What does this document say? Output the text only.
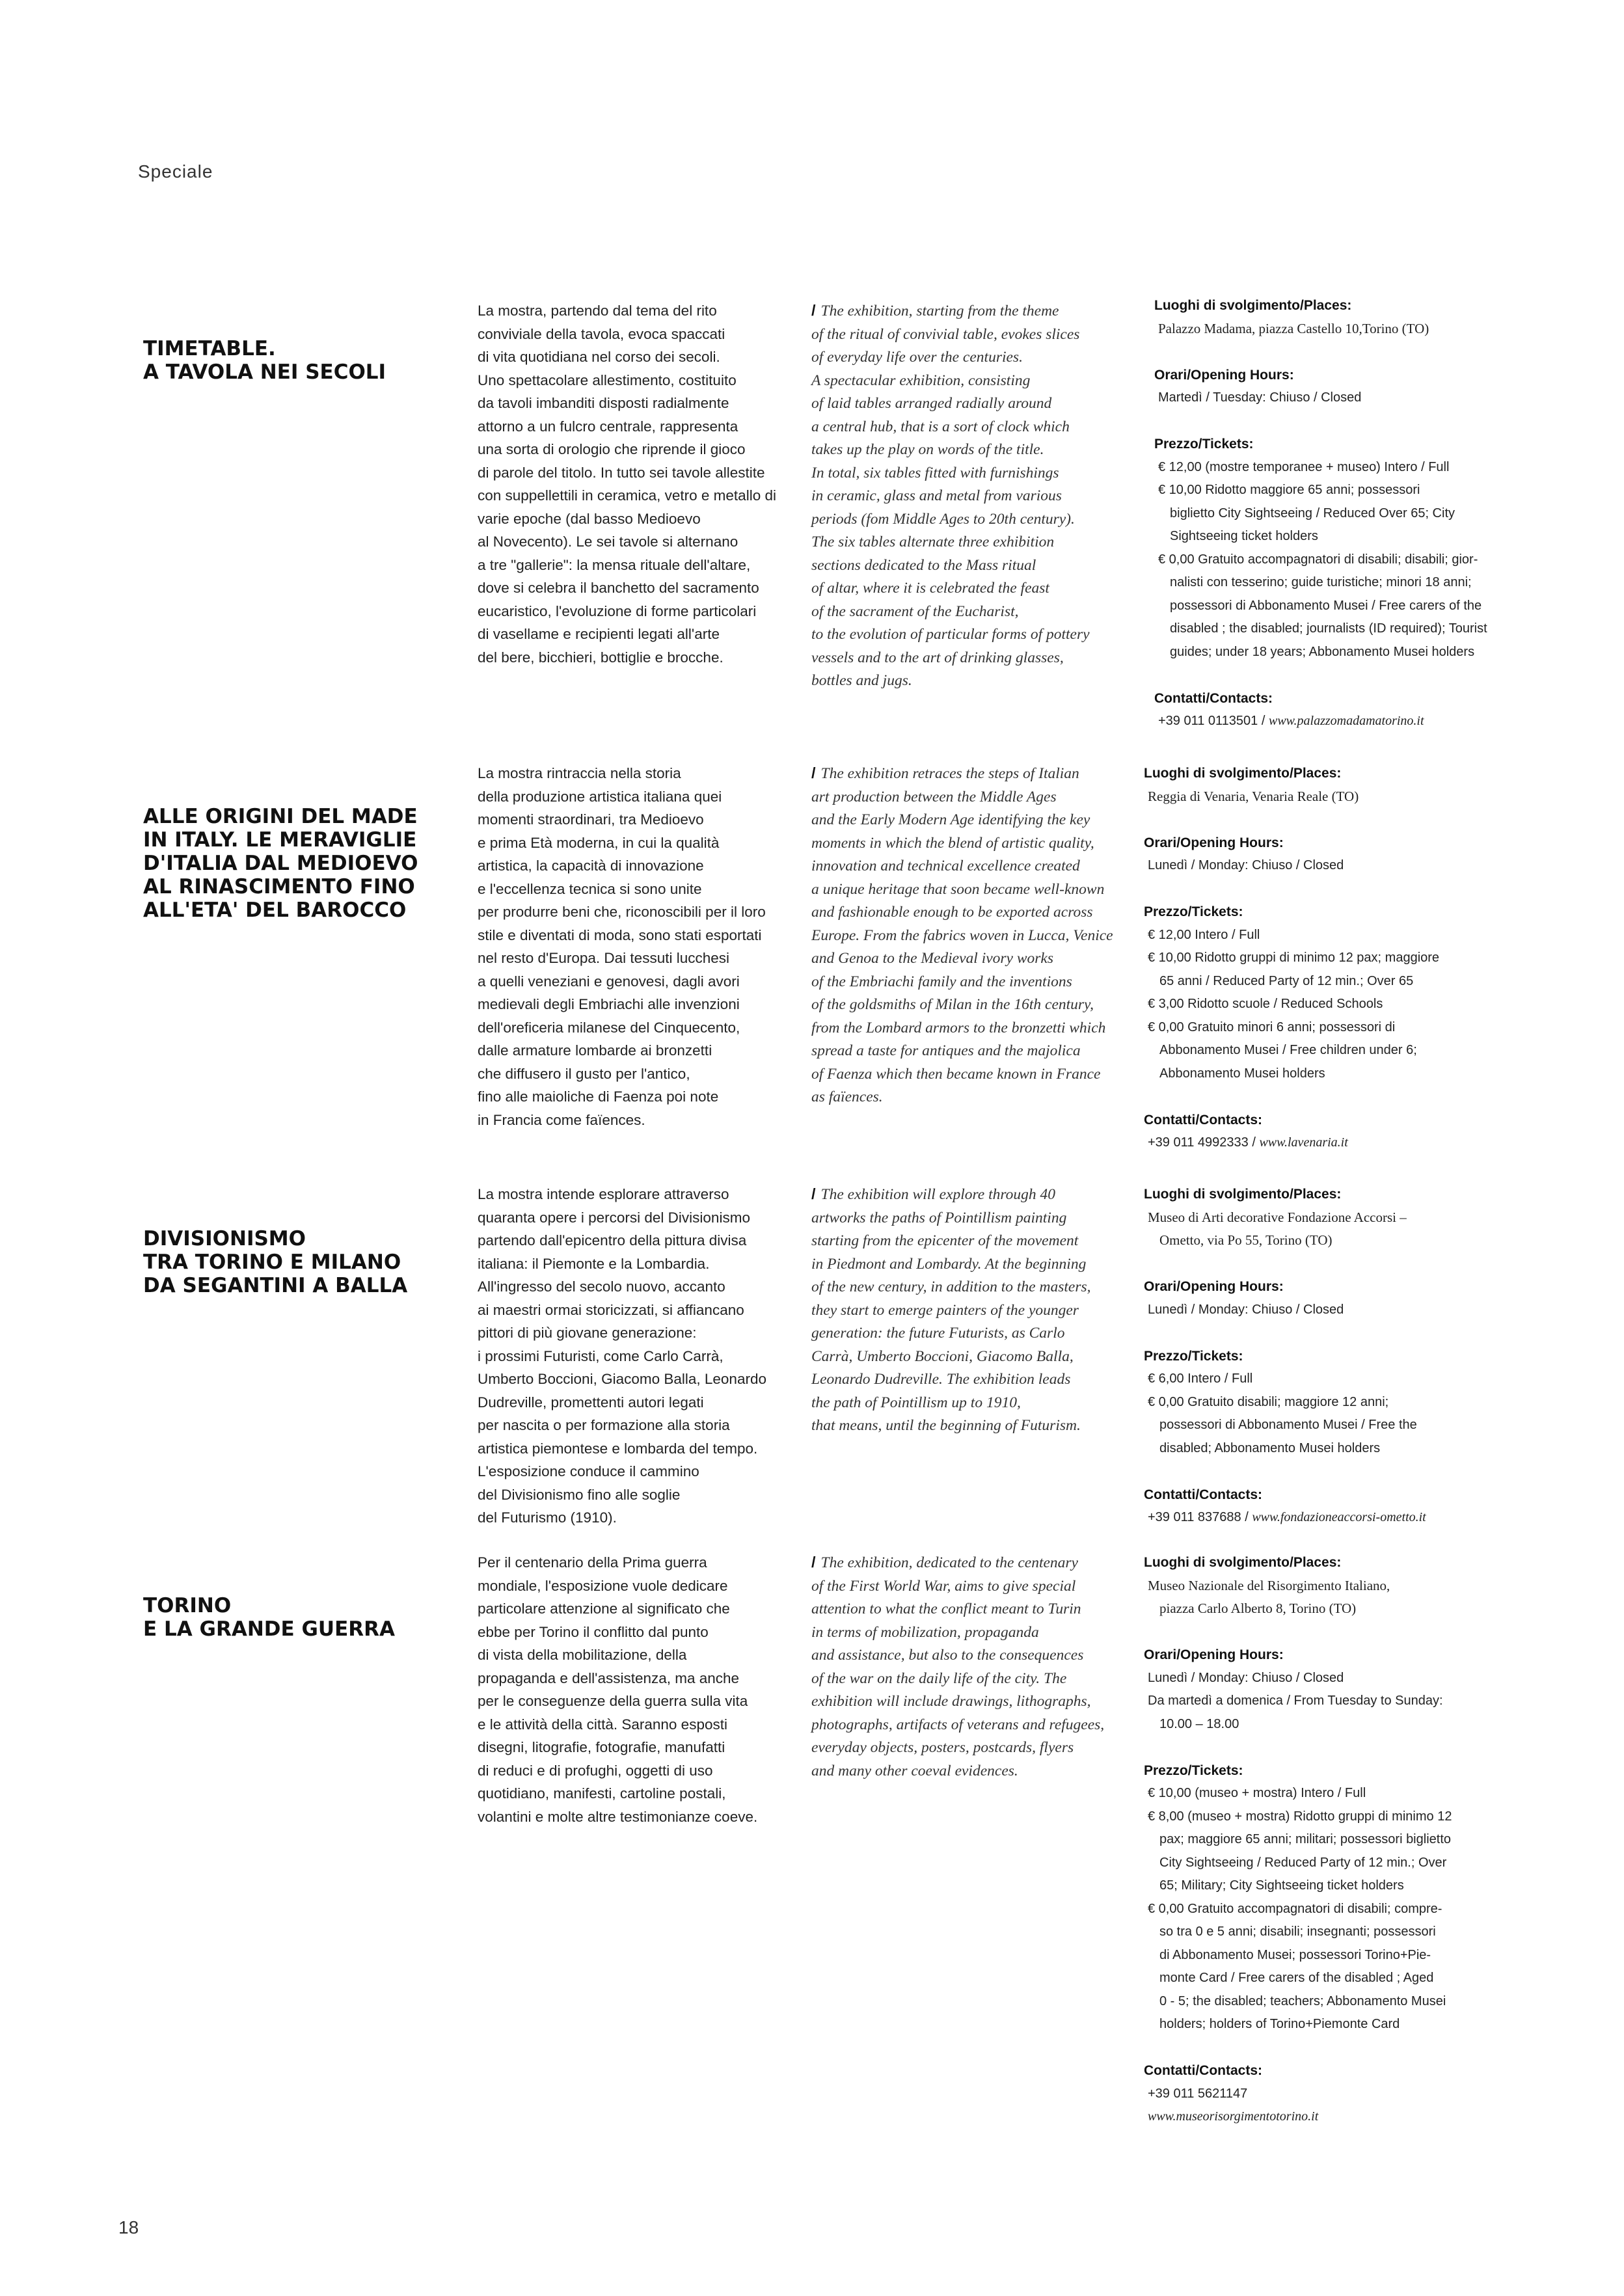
Speciale
TIMETABLE.
A TAVOLA NEI SECOLI
La mostra, partendo dal tema del rito
conviviale della tavola, evoca spaccati
di vita quotidiana nel corso dei secoli.
Uno spettacolare allestimento, costituito
da tavoli imbanditi disposti radialmente
attorno a un fulcro centrale, rappresenta
una sorta di orologio che riprende il gioco
di parole del titolo. In tutto sei tavole allestite
con suppellettili in ceramica, vetro e metallo di
varie epoche (dal basso Medioevo
al Novecento). Le sei tavole si alternano
a tre "gallerie": la mensa rituale dell'altare,
dove si celebra il banchetto del sacramento
eucaristico, l'evoluzione di forme particolari
di vasellame e recipienti legati all'arte
del bere, bicchieri, bottiglie e brocche.
/ The exhibition, starting from the theme
of the ritual of convivial table, evokes slices
of everyday life over the centuries.
A spectacular exhibition, consisting
of laid tables arranged radially around
a central hub, that is a sort of clock which
takes up the play on words of the title.
In total, six tables fitted with furnishings
in ceramic, glass and metal from various
periods (fom Middle Ages to 20th century).
The six tables alternate three exhibition
sections dedicated to the Mass ritual
of altar, where it is celebrated the feast
of the sacrament of the Eucharist,
to the evolution of particular forms of pottery
vessels and to the art of drinking glasses,
bottles and jugs.
Luoghi di svolgimento/Places:
Palazzo Madama, piazza Castello 10,Torino (TO)
Orari/Opening Hours:
Martedì / Tuesday: Chiuso / Closed
Prezzo/Tickets:
€ 12,00 (mostre temporanee + museo) Intero / Full
€ 10,00 Ridotto maggiore 65 anni; possessori
biglietto City Sightseeing / Reduced Over 65; City
Sightseeing ticket holders
€ 0,00 Gratuito accompagnatori di disabili; disabili; gior-
nalisti con tesserino; guide turistiche; minori 18 anni;
possessori di Abbonamento Musei / Free carers of the
disabled ; the disabled; journalists (ID required); Tourist
guides; under 18 years; Abbonamento Musei holders
Contatti/Contacts:
+39 011 0113501 / www.palazzomadamatorino.it
ALLE ORIGINI DEL MADE
IN ITALY. LE MERAVIGLIE
D'ITALIA DAL MEDIOEVO
AL RINASCIMENTO FINO
ALL'ETA' DEL BAROCCO
La mostra rintraccia nella storia
della produzione artistica italiana quei
momenti straordinari, tra Medioevo
e prima Età moderna, in cui la qualità
artistica, la capacità di innovazione
e l'eccellenza tecnica si sono unite
per produrre beni che, riconoscibili per il loro
stile e diventati di moda, sono stati esportati
nel resto d'Europa. Dai tessuti lucchesi
a quelli veneziani e genovesi, dagli avori
medievali degli Embriachi alle invenzioni
dell'oreficeria milanese del Cinquecento,
dalle armature lombarde ai bronzetti
che diffusero il gusto per l'antico,
fino alle maioliche di Faenza poi note
in Francia come faïences.
/ The exhibition retraces the steps of Italian
art production between the Middle Ages
and the Early Modern Age identifying the key
moments in which the blend of artistic quality,
innovation and technical excellence created
a unique heritage that soon became well-known
and fashionable enough to be exported across
Europe. From the fabrics woven in Lucca, Venice
and Genoa to the Medieval ivory works
of the Embriachi family and the inventions
of the goldsmiths of Milan in the 16th century,
from the Lombard armors to the bronzetti which
spread a taste for antiques and the majolica
of Faenza which then became known in France
as faïences.
Luoghi di svolgimento/Places:
Reggia di Venaria, Venaria Reale (TO)
Orari/Opening Hours:
Lunedì / Monday: Chiuso / Closed
Prezzo/Tickets:
€ 12,00 Intero / Full
€ 10,00 Ridotto gruppi di minimo 12 pax; maggiore
65 anni / Reduced Party of 12 min.; Over 65
€ 3,00 Ridotto scuole / Reduced Schools
€ 0,00 Gratuito minori 6 anni; possessori di
Abbonamento Musei / Free children under 6;
Abbonamento Musei holders
Contatti/Contacts:
+39 011 4992333 / www.lavenaria.it
DIVISIONISMO
TRA TORINO E MILANO
DA SEGANTINI A BALLA
La mostra intende esplorare attraverso
quaranta opere i percorsi del Divisionismo
partendo dall'epicentro della pittura divisa
italiana: il Piemonte e la Lombardia.
All'ingresso del secolo nuovo, accanto
ai maestri ormai storicizzati, si affiancano
pittori di più giovane generazione:
i prossimi Futuristi, come Carlo Carrà,
Umberto Boccioni, Giacomo Balla, Leonardo
Dudreville, promettenti autori legati
per nascita o per formazione alla storia
artistica piemontese e lombarda del tempo.
L'esposizione conduce il cammino
del Divisionismo fino alle soglie
del Futurismo (1910).
/ The exhibition will explore through 40
artworks the paths of Pointillism painting
starting from the epicenter of the movement
in Piedmont and Lombardy. At the beginning
of the new century, in addition to the masters,
they start to emerge painters of the younger
generation: the future Futurists, as Carlo
Carrà, Umberto Boccioni, Giacomo Balla,
Leonardo Dudreville. The exhibition leads
the path of Pointillism up to 1910,
that means, until the beginning of Futurism.
Luoghi di svolgimento/Places:
Museo di Arti decorative Fondazione Accorsi –
Ometto, via Po 55, Torino (TO)
Orari/Opening Hours:
Lunedì / Monday: Chiuso / Closed
Prezzo/Tickets:
€ 6,00 Intero / Full
€ 0,00 Gratuito disabili; maggiore 12 anni;
possessori di Abbonamento Musei / Free the
disabled; Abbonamento Musei holders
Contatti/Contacts:
+39 011 837688 / www.fondazioneaccorsi-ometto.it
TORINO
E LA GRANDE GUERRA
Per il centenario della Prima guerra
mondiale, l'esposizione vuole dedicare
particolare attenzione al significato che
ebbe per Torino il conflitto dal punto
di vista della mobilitazione, della
propaganda e dell'assistenza, ma anche
per le conseguenze della guerra sulla vita
e le attività della città. Saranno esposti
disegni, litografie, fotografie, manufatti
di reduci e di profughi, oggetti di uso
quotidiano, manifesti, cartoline postali,
volantini e molte altre testimonianze coeve.
/ The exhibition, dedicated to the centenary
of the First World War, aims to give special
attention to what the conflict meant to Turin
in terms of mobilization, propaganda
and assistance, but also to the consequences
of the war on the daily life of the city. The
exhibition will include drawings, lithographs,
photographs, artifacts of veterans and refugees,
everyday objects, posters, postcards, flyers
and many other coeval evidences.
Luoghi di svolgimento/Places:
Museo Nazionale del Risorgimento Italiano,
piazza Carlo Alberto 8, Torino (TO)
Orari/Opening Hours:
Lunedì / Monday: Chiuso / Closed
Da martedì a domenica / From Tuesday to Sunday:
10.00 – 18.00
Prezzo/Tickets:
€ 10,00 (museo + mostra) Intero / Full
€ 8,00 (museo + mostra) Ridotto gruppi di minimo 12
pax; maggiore 65 anni; militari; possessori biglietto
City Sightseeing / Reduced Party of 12 min.; Over
65; Military; City Sightseeing ticket holders
€ 0,00 Gratuito accompagnatori di disabili; compre-
so tra 0 e 5 anni; disabili; insegnanti; possessori
di Abbonamento Musei; possessori Torino+Pie-
monte Card / Free carers of the disabled ; Aged
0 - 5; the disabled; teachers; Abbonamento Musei
holders; holders of Torino+Piemonte Card
Contatti/Contacts:
+39 011 5621147
www.museorisorgimentotorino.it
18
